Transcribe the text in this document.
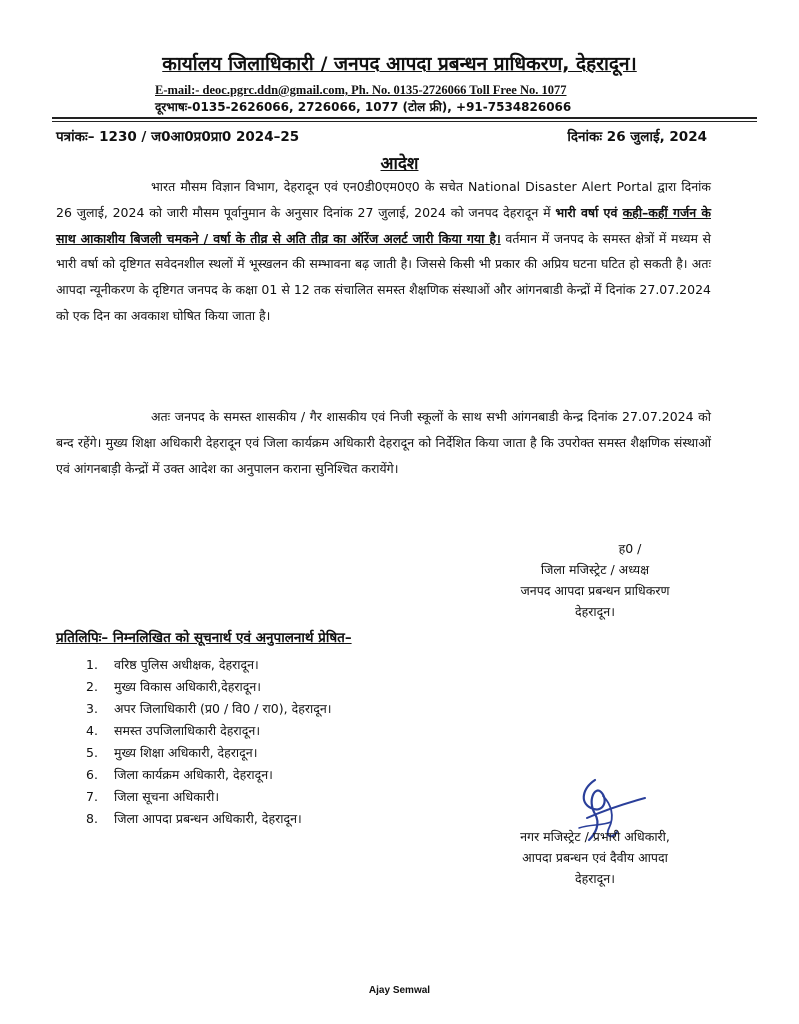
कार्यालय जिलाधिकारी / जनपद आपदा प्रबन्धन प्राधिकरण, देहरादून।
E-mail:- deoc.pgrc.ddn@gmail.com, Ph. No. 0135-2726066 Toll Free No. 1077
दूरभाषः-0135-2626066, 2726066, 1077 (टोल फ्री), +91-7534826066
पत्रांकः– 1230 / ज0आ0प्र0प्रा0 2024–25	दिनांकः 26 जुलाई, 2024
आदेश

भारत मौसम विज्ञान विभाग, देहरादून एवं एन0डी0एम0ए0 के सचेत National Disaster Alert Portal द्वारा दिनांक 26 जुलाई, 2024 को जारी मौसम पूर्वानुमान के अनुसार दिनांक 27 जुलाई, 2024 को जनपद देहरादून में भारी वर्षा एवं कही–कहीं गर्जन के साथ आकाशीय बिजली चमकने / वर्षा के तीव्र से अति तीव्र का ऑरेंज अलर्ट जारी किया गया है। वर्तमान में जनपद के समस्त क्षेत्रों में मध्यम से भारी वर्षा को दृष्टिगत सवेदनशील स्थलों में भूस्खलन की सम्भावना बढ़ जाती है। जिससे किसी भी प्रकार की अप्रिय घटना घटित हो सकती है। अतः आपदा न्यूनीकरण के दृष्टिगत जनपद के कक्षा 01 से 12 तक संचालित समस्त शैक्षणिक संस्थाओं और आंगनबाडी केन्द्रों में दिनांक 27.07.2024 को एक दिन का अवकाश घोषित किया जाता है।

अतः जनपद के समस्त शासकीय / गैर शासकीय एवं निजी स्कूलों के साथ सभी आंगनबाडी केन्द्र दिनांक 27.07.2024 को बन्द रहेंगे। मुख्य शिक्षा अधिकारी देहरादून एवं जिला कार्यक्रम अधिकारी देहरादून को निर्देशित किया जाता है कि उपरोक्त समस्त शैक्षणिक संस्थाओं एवं आंगनबाड़ी केन्द्रों में उक्त आदेश का अनुपालन कराना सुनिश्चित करायेंगे।

ह0 /
जिला मजिस्ट्रेट / अध्यक्ष
जनपद आपदा प्रबन्धन प्राधिकरण
देहरादून।
प्रतिलिपिः– निम्नलिखित को सूचनार्थ एवं अनुपालनार्थ प्रेषित–
1. वरिष्ठ पुलिस अधीक्षक, देहरादून।
2. मुख्य विकास अधिकारी,देहरादून।
3. अपर जिलाधिकारी (प्र0 / वि0 / रा0), देहरादून।
4. समस्त उपजिलाधिकारी देहरादून।
5. मुख्य शिक्षा अधिकारी, देहरादून।
6. जिला कार्यक्रम अधिकारी, देहरादून।
7. जिला सूचना अधिकारी।
8. जिला आपदा प्रबन्धन अधिकारी, देहरादून।
नगर मजिस्ट्रेट / प्रभारी अधिकारी,
आपदा प्रबन्धन एवं दैवीय आपदा
देहरादून।
Ajay Semwal
